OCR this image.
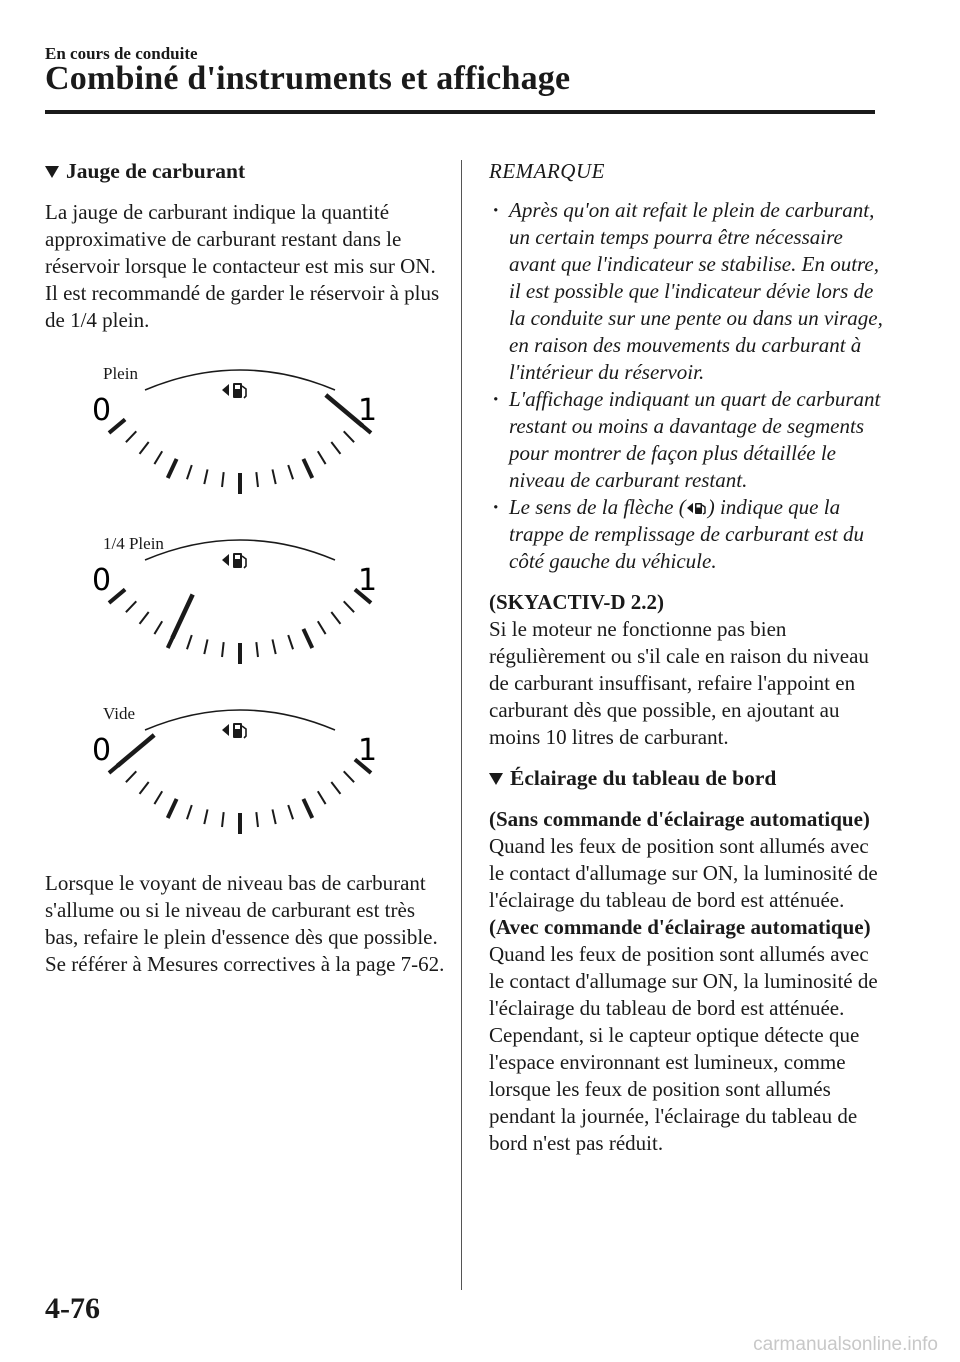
En cours de conduite
Combiné d'instruments et affichage
Jauge de carburant

La jauge de carburant indique la quantité approximative de carburant restant dans le réservoir lorsque le contacteur est mis sur ON. Il est recommandé de garder le réservoir à plus de 1/4 plein.

Plein
0	1
1/4 Plein
0	1
Vide
0	1

Lorsque le voyant de niveau bas de carburant s'allume ou si le niveau de carburant est très bas, refaire le plein d'essence dès que possible.

Se référer à Mesures correctives à la page 7-62.

REMARQUE
· Après qu'on ait refait le plein de carburant, un certain temps pourra être nécessaire avant que l'indicateur se stabilise. En outre, il est possible que l'indicateur dévie lors de la conduite sur une pente ou dans un virage, en raison des mouvements du carburant à l'intérieur du réservoir.
· L'affichage indiquant un quart de carburant restant ou moins a davantage de segments pour montrer de façon plus détaillée le niveau de carburant restant.
· Le sens de la flèche ( ) indique que la trappe de remplissage de carburant est du côté gauche du véhicule.

(SKYACTIV-D 2.2)

Si le moteur ne fonctionne pas bien régulièrement ou s'il cale en raison du niveau de carburant insuffisant, refaire l'appoint en carburant dès que possible, en ajoutant au moins 10 litres de carburant.

Éclairage du tableau de bord

(Sans commande d'éclairage automatique)

Quand les feux de position sont allumés avec le contact d'allumage sur ON, la luminosité de l'éclairage du tableau de bord est atténuée.

(Avec commande d'éclairage automatique)

Quand les feux de position sont allumés avec le contact d'allumage sur ON, la luminosité de l'éclairage du tableau de bord est atténuée. Cependant, si le capteur optique détecte que l'espace environnant est lumineux, comme lorsque les feux de position sont allumés pendant la journée, l'éclairage du tableau de bord n'est pas réduit.

4-76
carmanualsonline.info
